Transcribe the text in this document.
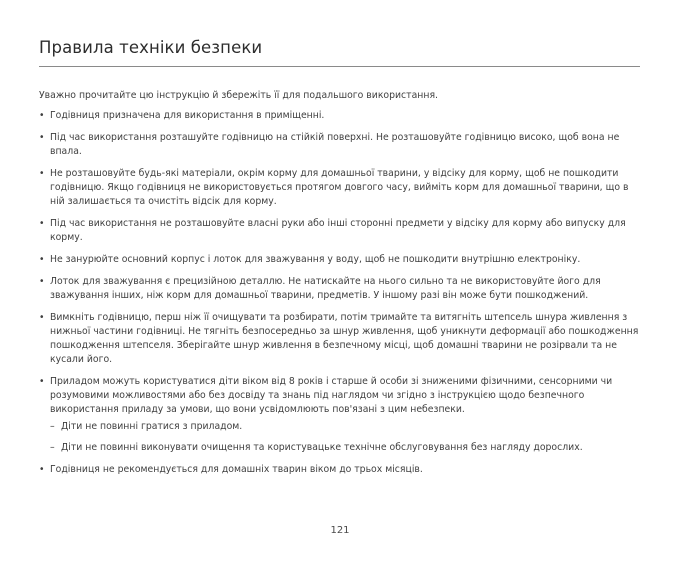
Правила техніки безпеки

Уважно прочитайте цю інструкцію й збережіть її для подальшого використання.

• Годівниця призначена для використання в приміщенні.
• Під час використання розташуйте годівницю на стійкій поверхні. Не розташовуйте годівницю високо, щоб вона не впала.
• Не розташовуйте будь-які матеріали, окрім корму для домашньої тварини, у відсіку для корму, щоб не пошкодити годівницю. Якщо годівниця не використовується протягом довгого часу, вийміть корм для домашньої тварини, що в ній залишається та очистіть відсік для корму.
• Під час використання не розташовуйте власні руки або інші сторонні предмети у відсіку для корму або випуску для корму.
• Не занурюйте основний корпус і лоток для зважування у воду, щоб не пошкодити внутрішню електроніку.
• Лоток для зважування є прецизійною деталлю. Не натискайте на нього сильно та не використовуйте його для зважування інших, ніж корм для домашньої тварини, предметів. У іншому разі він може бути пошкоджений.
• Вимкніть годівницю, перш ніж її очищувати та розбирати, потім тримайте та витягніть штепсель шнура живлення з нижньої частини годівниці. Не тягніть безпосередньо за шнур живлення, щоб уникнути деформації або пошкодження пошкодження штепселя. Зберігайте шнур живлення в безпечному місці, щоб домашні тварини не розірвали та не кусали його.
• Приладом можуть користуватися діти віком від 8 років і старше й особи зі зниженими фізичними, сенсорними чи розумовими можливостями або без досвіду та знань під наглядом чи згідно з інструкцією щодо безпечного використання приладу за умови, що вони усвідомлюють пов'язані з цим небезпеки.
– Діти не повинні гратися з приладом.
– Діти не повинні виконувати очищення та користувацьке технічне обслуговування без нагляду дорослих.
• Годівниця не рекомендується для домашніх тварин віком до трьох місяців.
121
